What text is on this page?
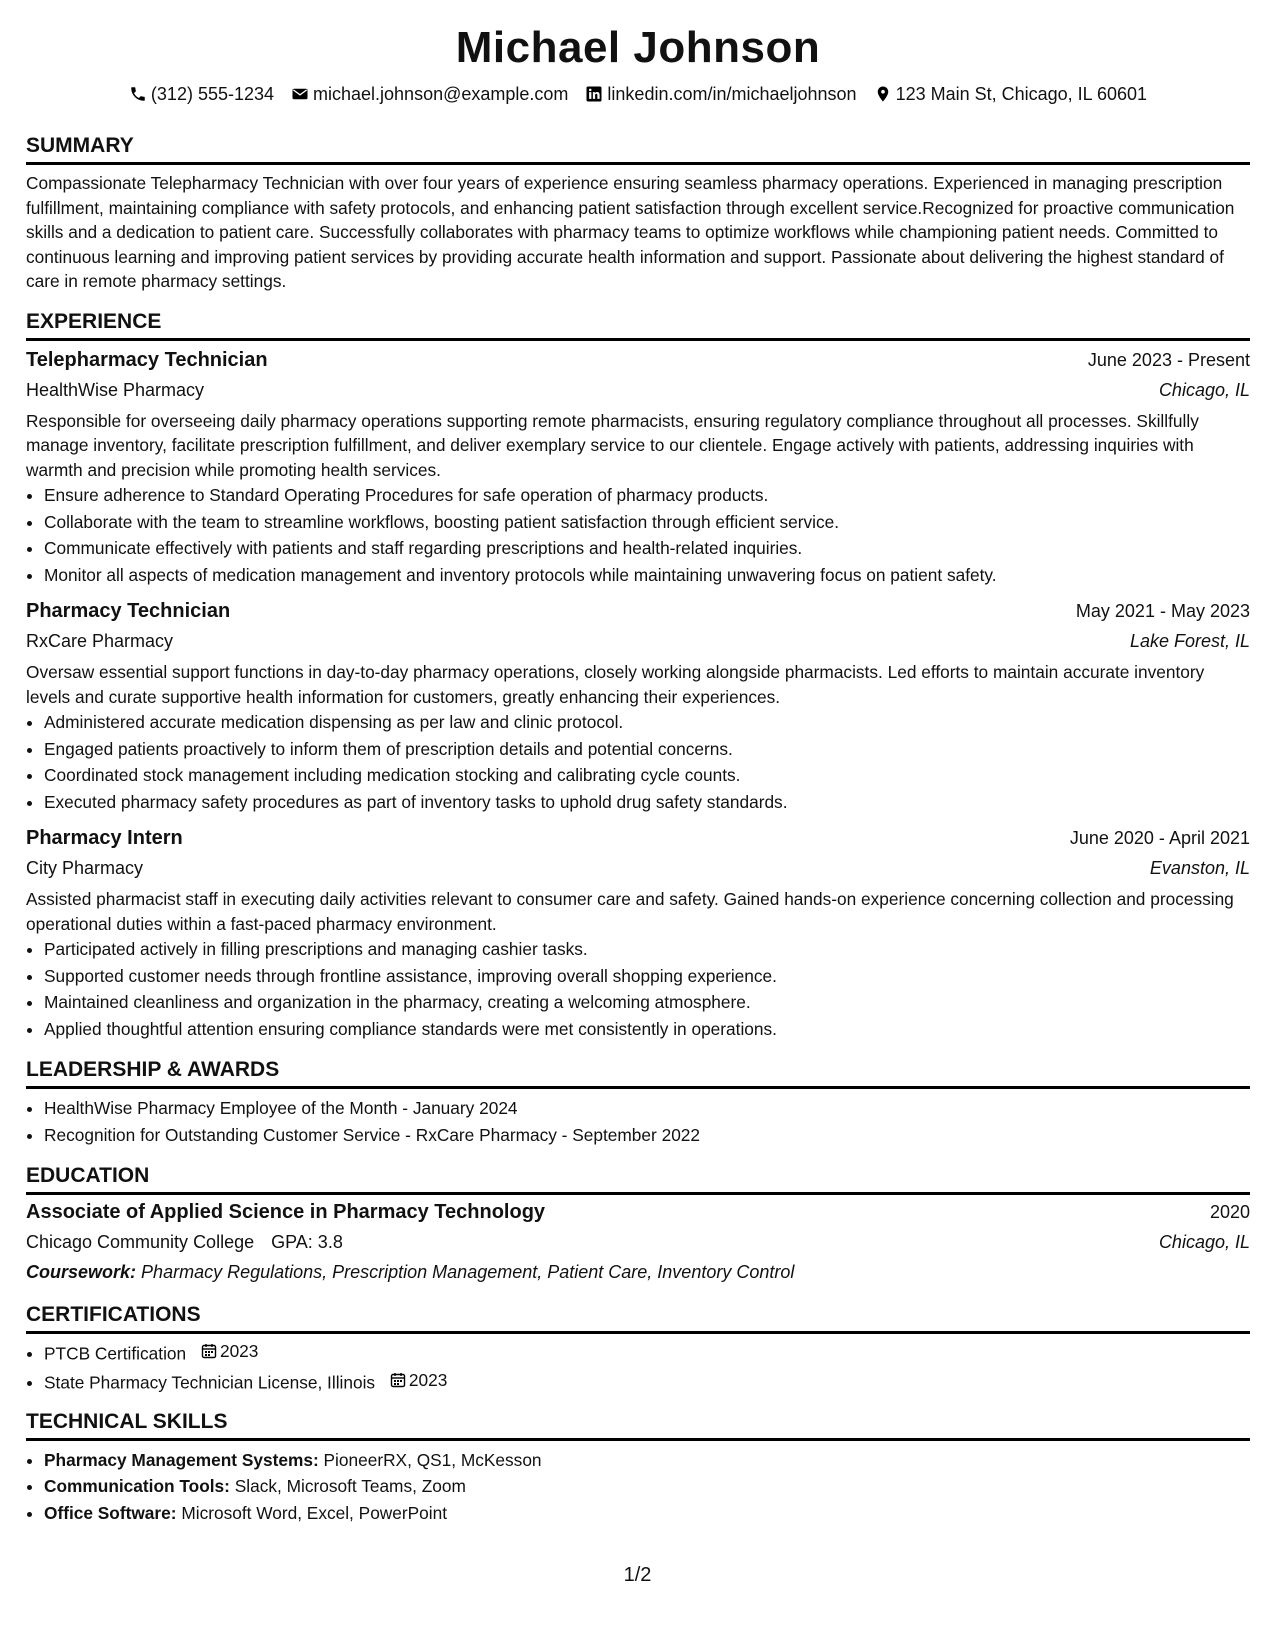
Michael Johnson
(312) 555-1234 michael.johnson@example.com linkedin.com/in/michaeljohnson 123 Main St, Chicago, IL 60601
SUMMARY

Compassionate Telepharmacy Technician with over four years of experience ensuring seamless pharmacy operations. Experienced in managing prescription fulfillment, maintaining compliance with safety protocols, and enhancing patient satisfaction through excellent service.Recognized for proactive communication skills and a dedication to patient care. Successfully collaborates with pharmacy teams to optimize workflows while championing patient needs. Committed to continuous learning and improving patient services by providing accurate health information and support. Passionate about delivering the highest standard of care in remote pharmacy settings.

EXPERIENCE
Telepharmacy Technician	June 2023 - Present
HealthWise Pharmacy	Chicago, IL
Responsible for overseeing daily pharmacy operations supporting remote pharmacists, ensuring regulatory compliance throughout all processes. Skillfully manage inventory, facilitate prescription fulfillment, and deliver exemplary service to our clientele. Engage actively with patients, addressing inquiries with warmth and precision while promoting health services.
• Ensure adherence to Standard Operating Procedures for safe operation of pharmacy products.
• Collaborate with the team to streamline workflows, boosting patient satisfaction through efficient service.
• Communicate effectively with patients and staff regarding prescriptions and health-related inquiries.
• Monitor all aspects of medication management and inventory protocols while maintaining unwavering focus on patient safety.
Pharmacy Technician	May 2021 - May 2023
RxCare Pharmacy	Lake Forest, IL
Oversaw essential support functions in day-to-day pharmacy operations, closely working alongside pharmacists. Led efforts to maintain accurate inventory levels and curate supportive health information for customers, greatly enhancing their experiences.
• Administered accurate medication dispensing as per law and clinic protocol.
• Engaged patients proactively to inform them of prescription details and potential concerns.
• Coordinated stock management including medication stocking and calibrating cycle counts.
• Executed pharmacy safety procedures as part of inventory tasks to uphold drug safety standards.
Pharmacy Intern	June 2020 - April 2021
City Pharmacy	Evanston, IL
Assisted pharmacist staff in executing daily activities relevant to consumer care and safety. Gained hands-on experience concerning collection and processing operational duties within a fast-paced pharmacy environment.
• Participated actively in filling prescriptions and managing cashier tasks.
• Supported customer needs through frontline assistance, improving overall shopping experience.
• Maintained cleanliness and organization in the pharmacy, creating a welcoming atmosphere.
• Applied thoughtful attention ensuring compliance standards were met consistently in operations.
LEADERSHIP & AWARDS
• HealthWise Pharmacy Employee of the Month - January 2024
• Recognition for Outstanding Customer Service - RxCare Pharmacy - September 2022
EDUCATION
Associate of Applied Science in Pharmacy Technology	2020
Chicago Community College GPA: 3.8	Chicago, IL
Coursework: Pharmacy Regulations, Prescription Management, Patient Care, Inventory Control
CERTIFICATIONS
• PTCB Certification 2023
• State Pharmacy Technician License, Illinois 2023
TECHNICAL SKILLS
• Pharmacy Management Systems: PioneerRX, QS1, McKesson
• Communication Tools: Slack, Microsoft Teams, Zoom
• Office Software: Microsoft Word, Excel, PowerPoint
1/2
